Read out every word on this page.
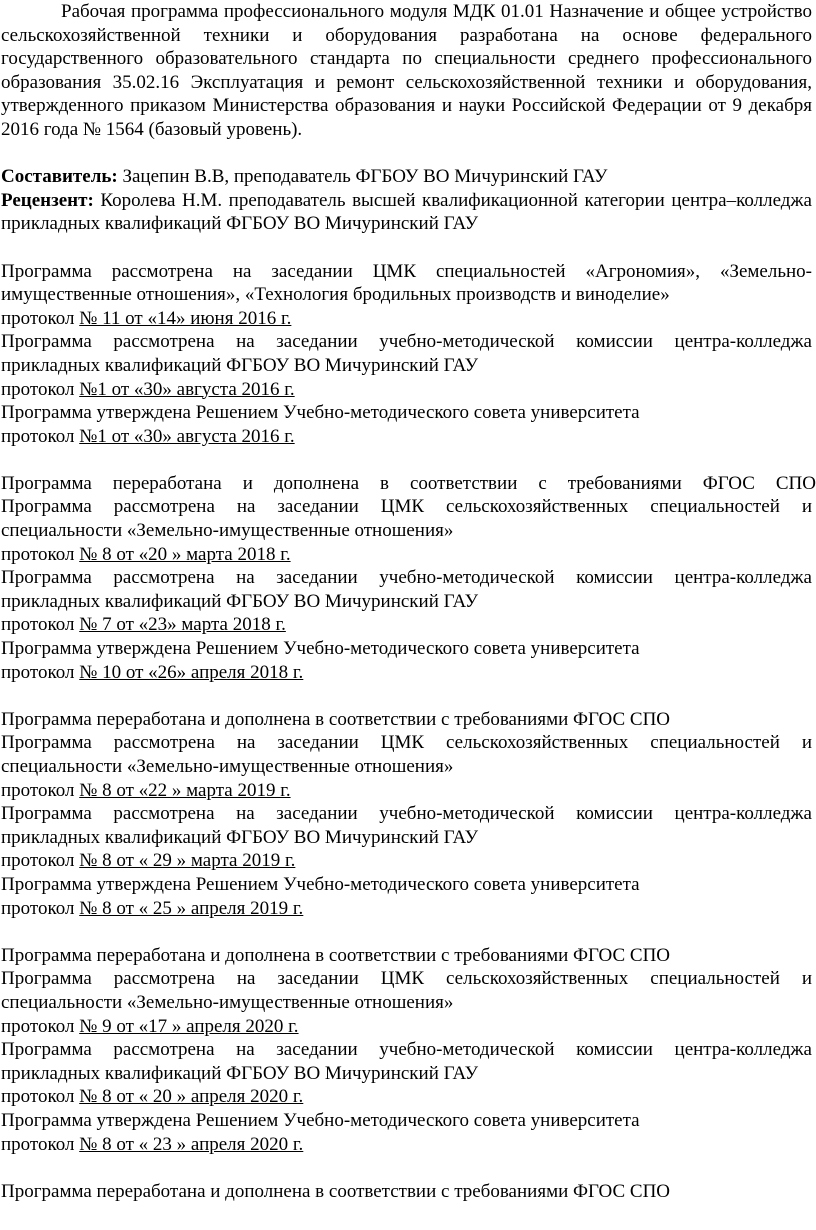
Рабочая программа профессионального модуля МДК 01.01 Назначение и общее устройство сельскохозяйственной техники и оборудования разработана на основе федерального государственного образовательного стандарта по специальности среднего профессионального образования 35.02.16 Эксплуатация и ремонт сельскохозяйственной техники и оборудования, утвержденного приказом Министерства образования и науки Российской Федерации от 9 декабря 2016 года № 1564 (базовый уровень).

Составитель: Зацепин В.В, преподаватель ФГБОУ ВО Мичуринский ГАУ

Рецензент: Королева Н.М. преподаватель высшей квалификационной категории центра–колледжа прикладных квалификаций ФГБОУ ВО Мичуринский ГАУ

Программа рассмотрена на заседании ЦМК специальностей «Агрономия», «Земельно-имущественные отношения», «Технология бродильных производств и виноделие»

протокол № 11 от «14» июня 2016 г.

Программа рассмотрена на заседании учебно-методической комиссии центра-колледжа прикладных квалификаций ФГБОУ ВО Мичуринский ГАУ

протокол №1 от «30» августа 2016 г.

Программа утверждена Решением Учебно-методического совета университета

протокол №1 от «30» августа 2016 г.

Программа переработана и дополнена в соответствии с требованиями ФГОС СПО

Программа рассмотрена на заседании ЦМК сельскохозяйственных специальностей и специальности «Земельно-имущественные отношения»

протокол № 8 от «20 » марта 2018 г.

Программа рассмотрена на заседании учебно-методической комиссии центра-колледжа прикладных квалификаций ФГБОУ ВО Мичуринский ГАУ

протокол № 7 от «23» марта 2018 г.

Программа утверждена Решением Учебно-методического совета университета

протокол № 10 от «26» апреля 2018 г.

Программа переработана и дополнена в соответствии с требованиями ФГОС СПО

Программа рассмотрена на заседании ЦМК сельскохозяйственных специальностей и специальности «Земельно-имущественные отношения»

протокол № 8 от «22 » марта 2019 г.

Программа рассмотрена на заседании учебно-методической комиссии центра-колледжа прикладных квалификаций ФГБОУ ВО Мичуринский ГАУ

протокол № 8 от « 29 » марта 2019 г.

Программа утверждена Решением Учебно-методического совета университета

протокол № 8 от « 25 » апреля 2019 г.

Программа переработана и дополнена в соответствии с требованиями ФГОС СПО

Программа рассмотрена на заседании ЦМК сельскохозяйственных специальностей и специальности «Земельно-имущественные отношения»

протокол № 9 от «17 » апреля 2020 г.

Программа рассмотрена на заседании учебно-методической комиссии центра-колледжа прикладных квалификаций ФГБОУ ВО Мичуринский ГАУ

протокол № 8 от « 20 » апреля 2020 г.

Программа утверждена Решением Учебно-методического совета университета

протокол № 8 от « 23 » апреля 2020 г.

Программа переработана и дополнена в соответствии с требованиями ФГОС СПО
